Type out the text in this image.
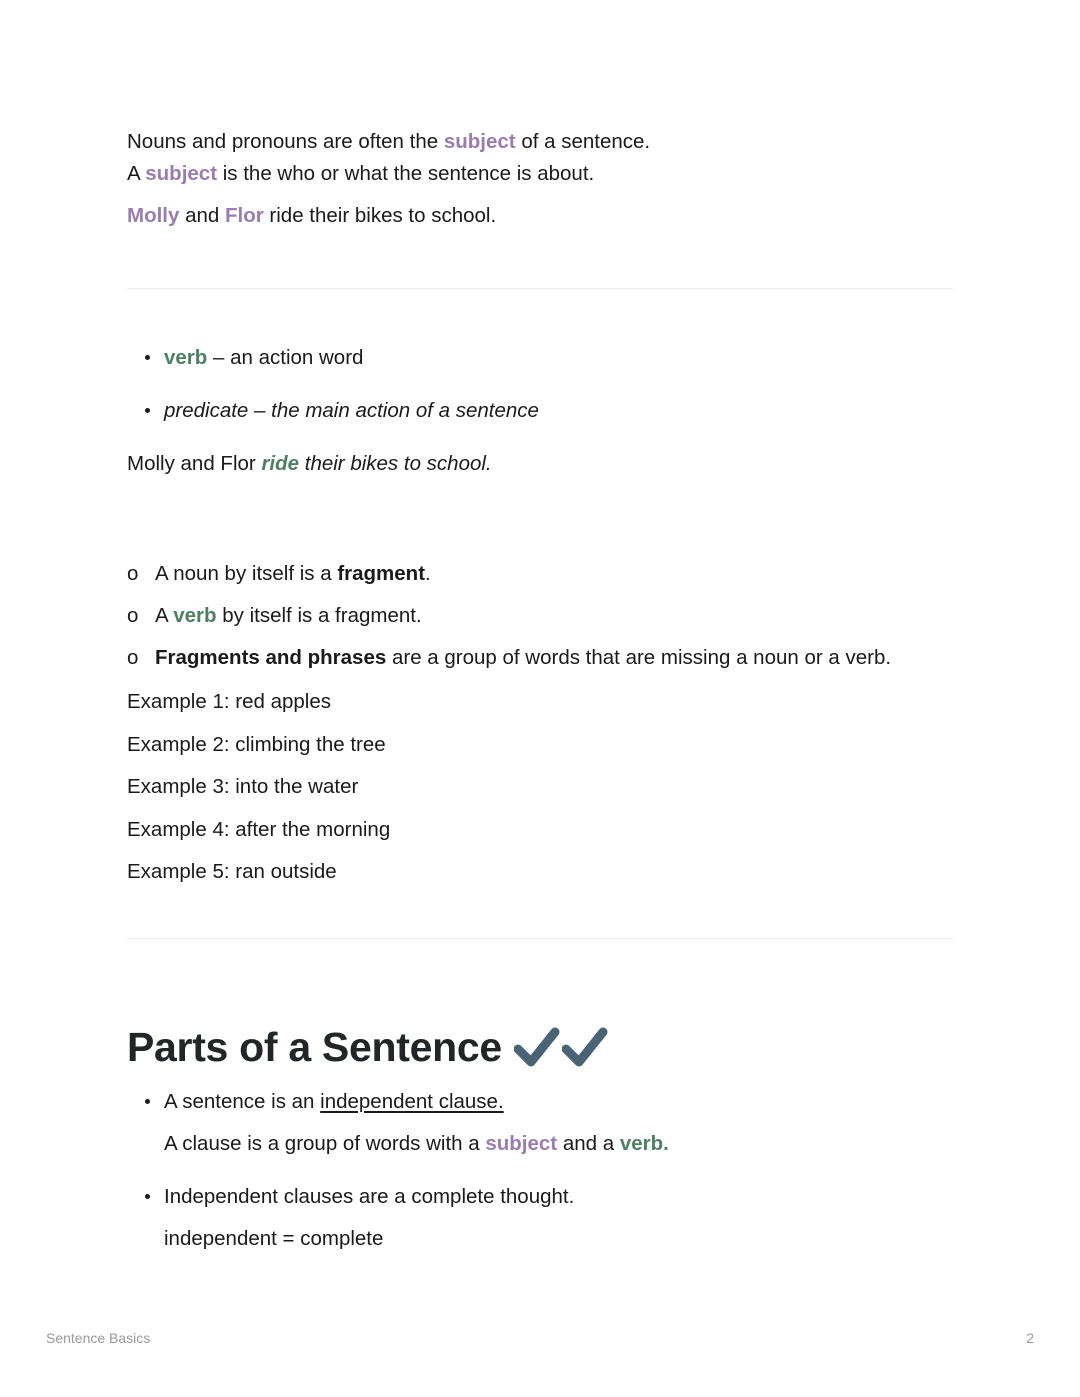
Nouns and pronouns are often the subject of a sentence.

A subject is the who or what the sentence is about.

Molly and Flor ride their bikes to school.

verb – an action word
predicate – the main action of a sentence

Molly and Flor ride their bikes to school.

o A noun by itself is a fragment.
o A verb by itself is a fragment.
o Fragments and phrases are a group of words that are missing a noun or a verb.

Example 1: red apples

Example 2: climbing the tree

Example 3: into the water

Example 4: after the morning

Example 5: ran outside

Parts of a Sentence
A sentence is an independent clause.

A clause is a group of words with a subject and a verb.

Independent clauses are a complete thought.

independent = complete

Sentence Basics	2
